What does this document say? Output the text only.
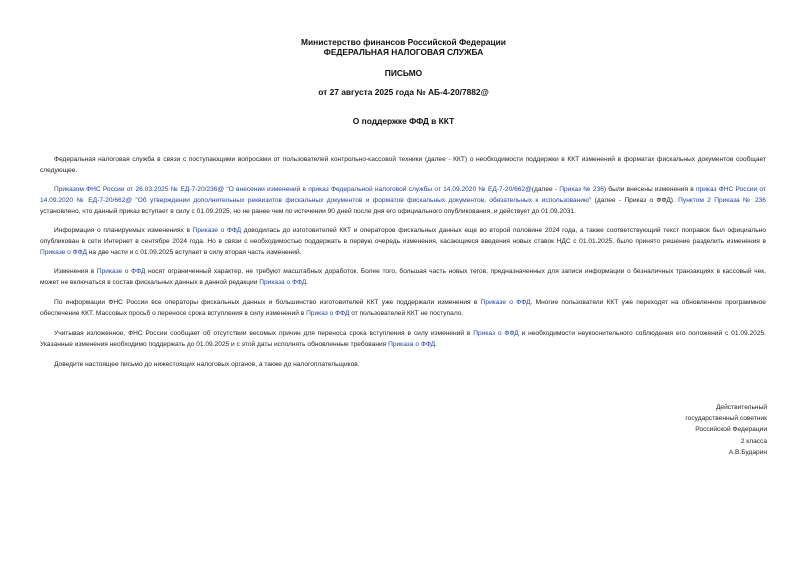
Министерство финансов Российской Федерации
ФЕДЕРАЛЬНАЯ НАЛОГОВАЯ СЛУЖБА
ПИСЬМО
от 27 августа 2025 года № АБ-4-20/7882@
О поддержке ФФД в ККТ
Федеральная налоговая служба в связи с поступающими вопросами от пользователей контрольно-кассовой техники (далее - ККТ) о необходимости поддержки в ККТ изменений в форматах фискальных документов сообщает следующее.
Приказом ФНС России от 26.03.2025 № ЕД-7-20/236@ "О внесении изменений в приказ Федеральной налоговой службы от 14.09.2020 № ЕД-7-20/662@(далее - Приказ № 236) были внесены изменения в приказ ФНС России от 14.09.2020 № ЕД-7-20/662@ "Об утверждении дополнительных реквизитов фискальных документов и форматов фискальных документов, обязательных к использованию" (далее - Приказ о ФФД). Пунктом 2 Приказа № 236 установлено, что данный приказ вступает в силу с 01.09.2025, но не ранее чем по истечении 90 дней после дня его официального опубликования, и действует до 01.09.2031.
Информация о планируемых изменениях в Приказе о ФФД доводилась до изготовителей ККТ и операторов фискальных данных еще во второй половине 2024 года, а также соответствующий текст поправок был официально опубликован в сети Интернет в сентябре 2024 года. Но в связи с необходимостью поддержать в первую очередь изменения, касающиеся введения новых ставок НДС с 01.01.2025, было принято решение разделить изменения в Приказе о ФФД на две части и с 01.09.2025 вступает в силу вторая часть изменений.
Изменения в Приказе о ФФД носят ограниченный характер, не требуют масштабных доработок. Более того, большая часть новых тегов, предназначенных для записи информации о безналичных транзакциях в кассовый чек, может не включаться в состав фискальных данных в данной редакции Приказа о ФФД.
По информации ФНС России все операторы фискальных данных и большинство изготовителей ККТ уже поддержали изменения в Приказе о ФФД. Многие пользователи ККТ уже переходят на обновленное программное обеспечение ККТ. Массовых просьб о переносе срока вступления в силу изменений в Приказ о ФФД от пользователей ККТ не поступало.
Учитывая изложенное, ФНС России сообщает об отсутствии весомых причин для переноса срока вступления в силу изменений в Приказ о ФФД и необходимости неукоснительного соблюдения его положений с 01.09.2025. Указанные изменения необходимо поддержать до 01.09.2025 и с этой даты исполнять обновленные требования Приказа о ФФД.
Доведите настоящее письмо до нижестоящих налоговых органов, а также до налогоплательщиков.
Действительный
государственный советник
Российской Федерации
2 класса
А.В.Бударин
